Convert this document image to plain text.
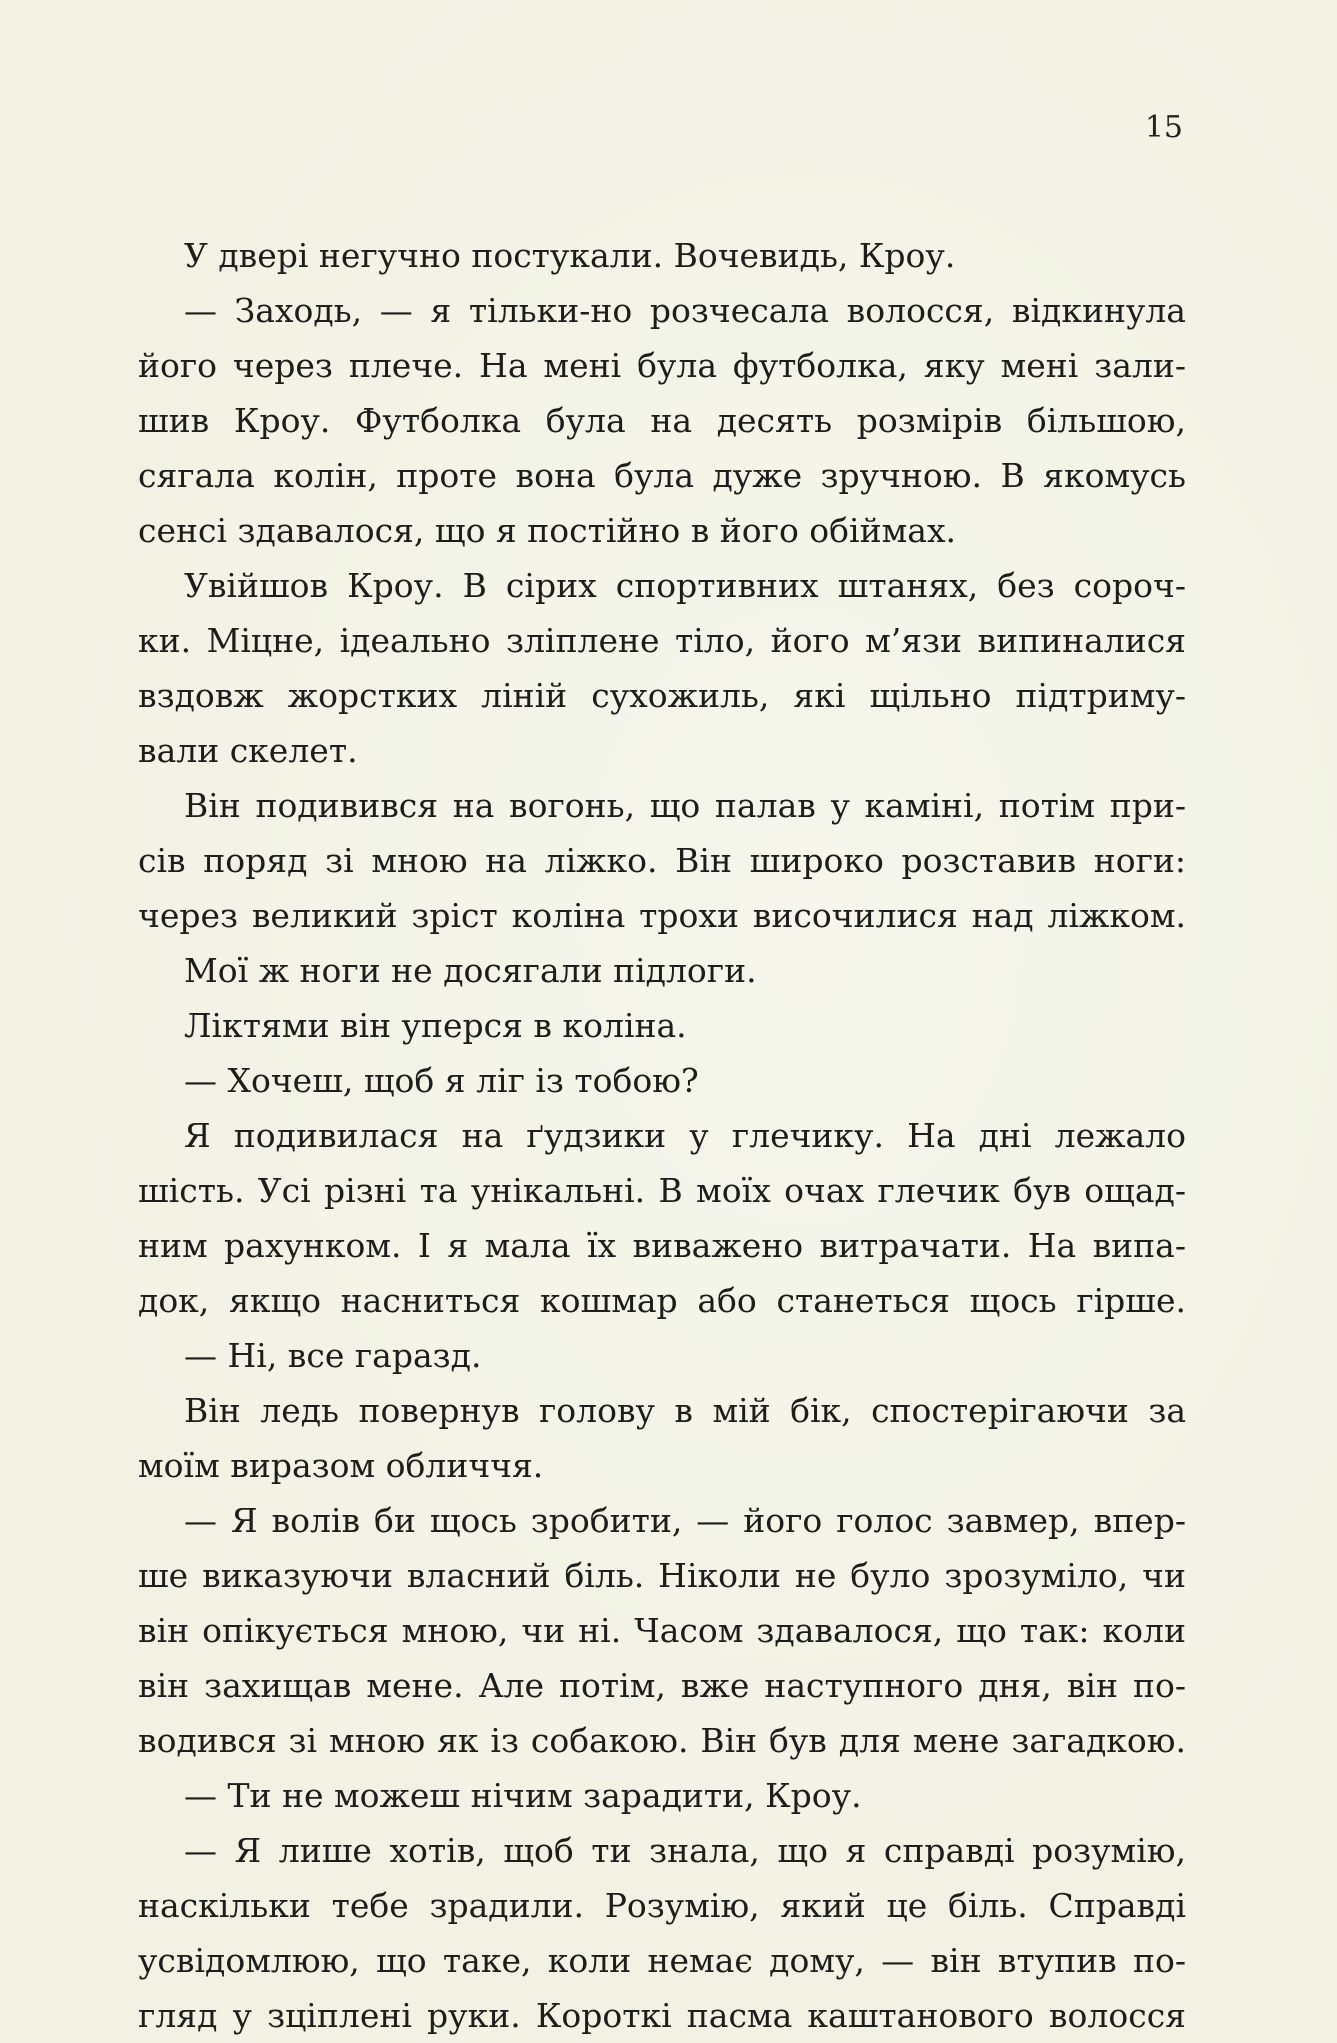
15
У двері негучно постукали. Вочевидь, Кроу.
— Заходь, — я тільки-но розчесала волосся, відкинула
його через плече. На мені була футболка, яку мені зали-
шив Кроу. Футболка була на десять розмірів більшою,
сягала колін, проте вона була дуже зручною. В якомусь
сенсі здавалося, що я постійно в його обіймах.
Увійшов Кроу. В сірих спортивних штанях, без сороч-
ки. Міцне, ідеально зліплене тіло, його м’язи випиналися
вздовж жорстких ліній сухожиль, які щільно підтриму-
вали скелет.
Він подивився на вогонь, що палав у каміні, потім при-
сів поряд зі мною на ліжко. Він широко розставив ноги:
через великий зріст коліна трохи височилися над ліжком.
Мої ж ноги не досягали підлоги.
Ліктями він уперся в коліна.
— Хочеш, щоб я ліг із тобою?
Я подивилася на ґудзики у глечику. На дні лежало
шість. Усі різні та унікальні. В моїх очах глечик був ощад-
ним рахунком. І я мала їх виважено витрачати. На випа-
док, якщо насниться кошмар або станеться щось гірше.
— Ні, все гаразд.
Він ледь повернув голову в мій бік, спостерігаючи за
моїм виразом обличчя.
— Я волів би щось зробити, — його голос завмер, впер-
ше виказуючи власний біль. Ніколи не було зрозуміло, чи
він опікується мною, чи ні. Часом здавалося, що так: коли
він захищав мене. Але потім, вже наступного дня, він по-
водився зі мною як із собакою. Він був для мене загадкою.
— Ти не можеш нічим зарадити, Кроу.
— Я лише хотів, щоб ти знала, що я справді розумію,
наскільки тебе зрадили. Розумію, який це біль. Справді
усвідомлюю, що таке, коли немає дому, — він втупив по-
гляд у зціплені руки. Короткі пасма каштанового волосся
